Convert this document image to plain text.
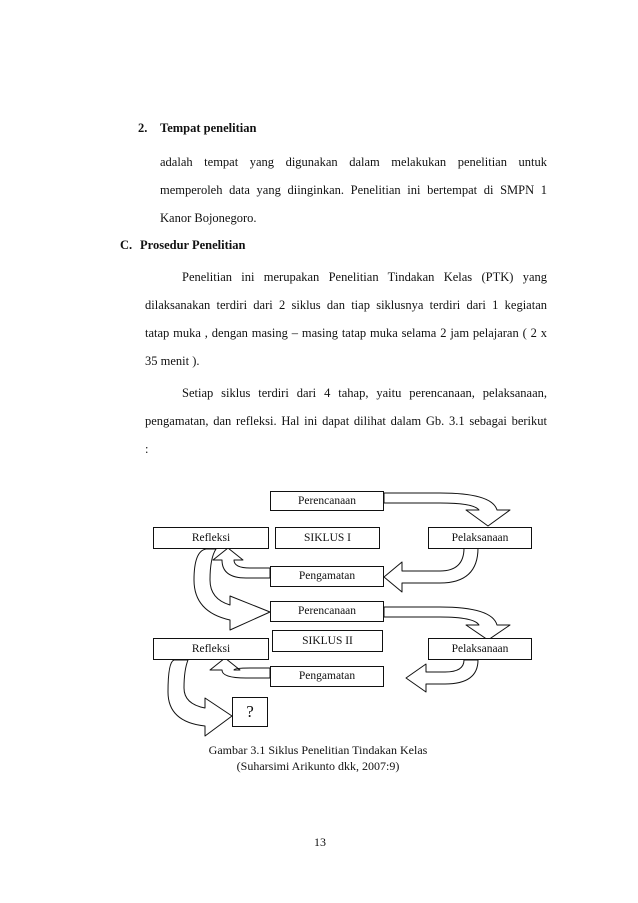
2. Tempat penelitian
adalah tempat yang digunakan dalam melakukan penelitian untuk
memperoleh data yang diinginkan. Penelitian ini bertempat di SMPN 1
Kanor Bojonegoro.
C. Prosedur Penelitian
Penelitian ini merupakan Penelitian Tindakan Kelas (PTK) yang
dilaksanakan terdiri dari 2 siklus dan tiap siklusnya terdiri dari 1 kegiatan
tatap muka , dengan masing – masing tatap muka selama 2 jam pelajaran ( 2 x
35 menit ).
Setiap siklus terdiri dari 4 tahap, yaitu perencanaan, pelaksanaan,
pengamatan, dan refleksi. Hal ini dapat dilihat dalam Gb. 3.1 sebagai berikut
:
Perencanaan
Refleksi	SIKLUS I	Pelaksanaan
Pengamatan
Perencanaan
SIKLUS II
Refleksi	Pelaksanaan
Pengamatan
?
Gambar 3.1 Siklus Penelitian Tindakan Kelas
(Suharsimi Arikunto dkk, 2007:9)
13
